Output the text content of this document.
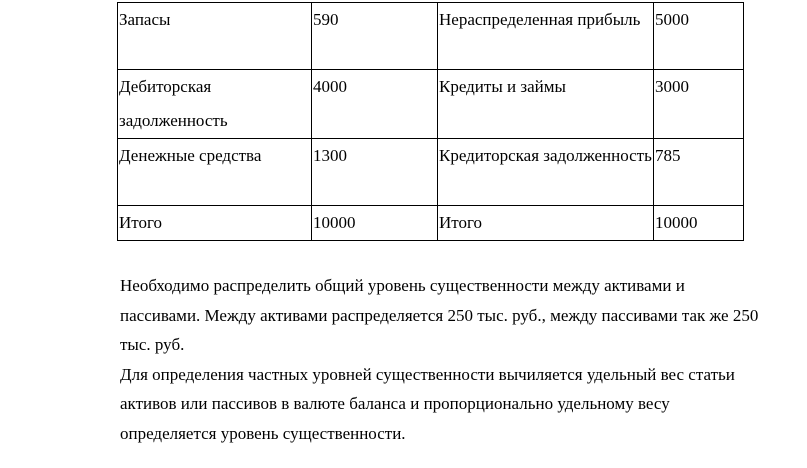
Запасы	590	Нераспределенная прибыль	5000
Дебиторская задолженность	4000	Кредиты и займы	3000
Денежные средства	1300	Кредиторская задолженность	785
Итого	10000	Итого	10000

Необходимо распределить общий уровень существенности между активами и пассивами. Между активами распределяется 250 тыс. руб., между пассивами так же 250 тыс. руб.

Для определения частных уровней существенности вычиляется удельный вес статьи активов или пассивов в валюте баланса и пропорционально удельному весу определяется уровень существенности.
